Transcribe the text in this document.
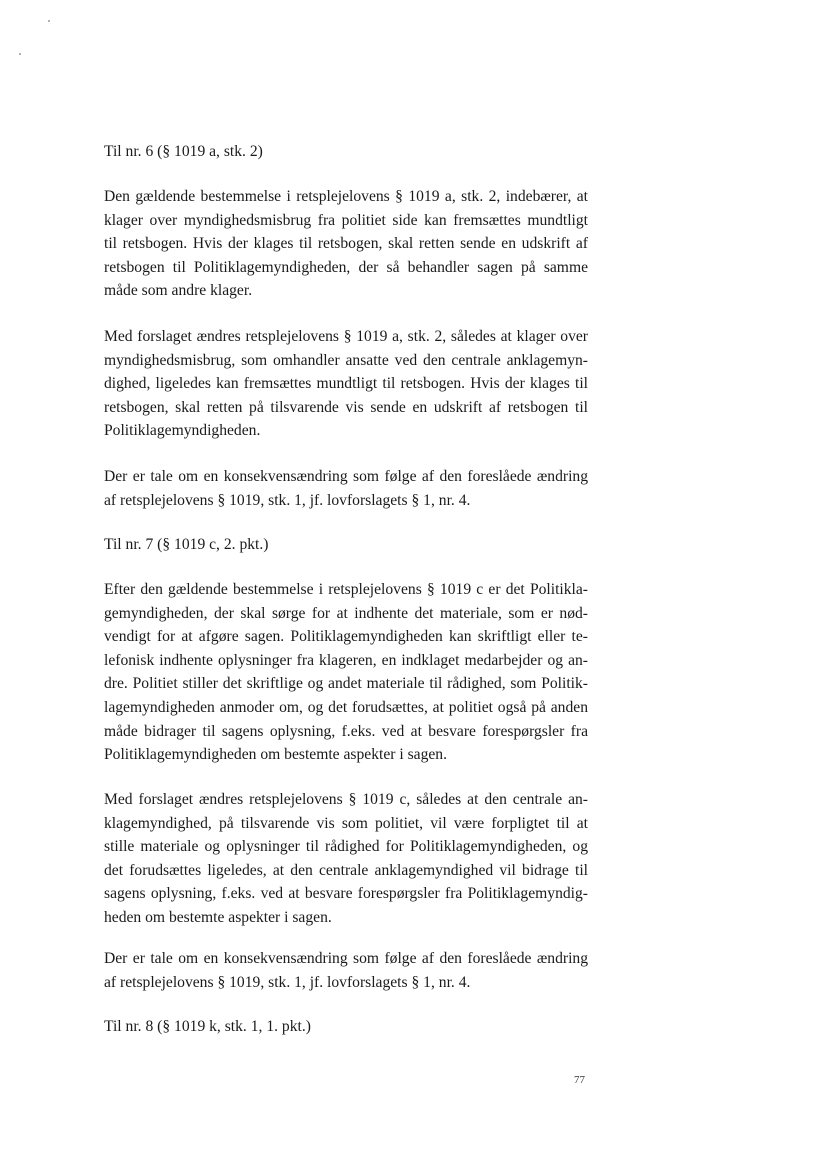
Til nr. 6 (§ 1019 a, stk. 2)

Den gældende bestemmelse i retsplejelovens § 1019 a, stk. 2, indebærer, at
klager over myndighedsmisbrug fra politiet side kan fremsættes mundtligt
til retsbogen. Hvis der klages til retsbogen, skal retten sende en udskrift af
retsbogen til Politiklagemyndigheden, der så behandler sagen på samme
måde som andre klager.

Med forslaget ændres retsplejelovens § 1019 a, stk. 2, således at klager over
myndighedsmisbrug, som omhandler ansatte ved den centrale anklagemyn-
dighed, ligeledes kan fremsættes mundtligt til retsbogen. Hvis der klages til
retsbogen, skal retten på tilsvarende vis sende en udskrift af retsbogen til
Politiklagemyndigheden.

Der er tale om en konsekvensændring som følge af den foreslåede ændring
af retsplejelovens § 1019, stk. 1, jf. lovforslagets § 1, nr. 4.

Til nr. 7 (§ 1019 c, 2. pkt.)

Efter den gældende bestemmelse i retsplejelovens § 1019 c er det Politikla-
gemyndigheden, der skal sørge for at indhente det materiale, som er nød-
vendigt for at afgøre sagen. Politiklagemyndigheden kan skriftligt eller te-
lefonisk indhente oplysninger fra klageren, en indklaget medarbejder og an-
dre. Politiet stiller det skriftlige og andet materiale til rådighed, som Politik-
lagemyndigheden anmoder om, og det forudsættes, at politiet også på anden
måde bidrager til sagens oplysning, f.eks. ved at besvare forespørgsler fra
Politiklagemyndigheden om bestemte aspekter i sagen.

Med forslaget ændres retsplejelovens § 1019 c, således at den centrale an-
klagemyndighed, på tilsvarende vis som politiet, vil være forpligtet til at
stille materiale og oplysninger til rådighed for Politiklagemyndigheden, og
det forudsættes ligeledes, at den centrale anklagemyndighed vil bidrage til
sagens oplysning, f.eks. ved at besvare forespørgsler fra Politiklagemyndig-
heden om bestemte aspekter i sagen.

Der er tale om en konsekvensændring som følge af den foreslåede ændring
af retsplejelovens § 1019, stk. 1, jf. lovforslagets § 1, nr. 4.

Til nr. 8 (§ 1019 k, stk. 1, 1. pkt.)

77
